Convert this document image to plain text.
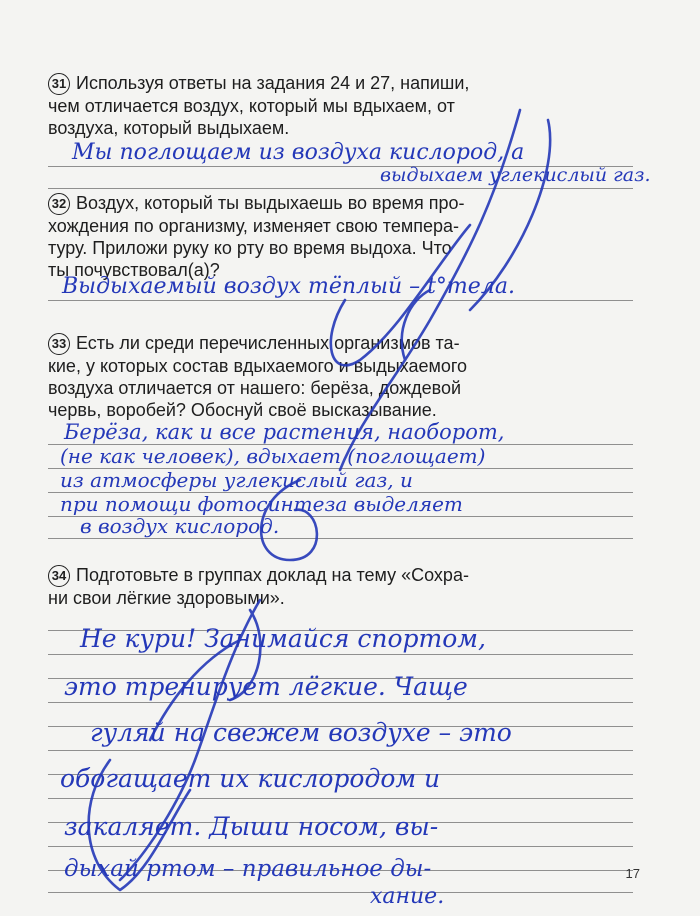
31 Используя ответы на задания 24 и 27, напиши,
чем отличается воздух, который мы вдыхаем, от
воздуха, который выдыхаем.
Мы поглощаем из воздуха кислород, а
выдыхаем углекислый газ.
32 Воздух, который ты выдыхаешь во время про-
хождения по организму, изменяет свою темпера-
туру. Приложи руку ко рту во время выдоха. Что
ты почувствовал(а)?
Выдыхаемый воздух тёплый – t°тела.
33 Есть ли среди перечисленных организмов та-
кие, у которых состав вдыхаемого и выдыхаемого
воздуха отличается от нашего: берёза, дождевой
червь, воробей? Обоснуй своё высказывание.
Берёза, как и все растения, наоборот,
(не как человек), вдыхает (поглощает)
из атмосферы углекислый газ, и
при помощи фотосинтеза выделяет
в воздух кислород.
34 Подготовьте в группах доклад на тему «Сохра-
ни свои лёгкие здоровыми».
Не кури! Занимайся спортом,
это тренирует лёгкие. Чаще
гуляй на свежем воздухе – это
обогащает их кислородом и
закаляет. Дыши носом, вы-
дыхай ртом – правильное ды-
хание.
17
